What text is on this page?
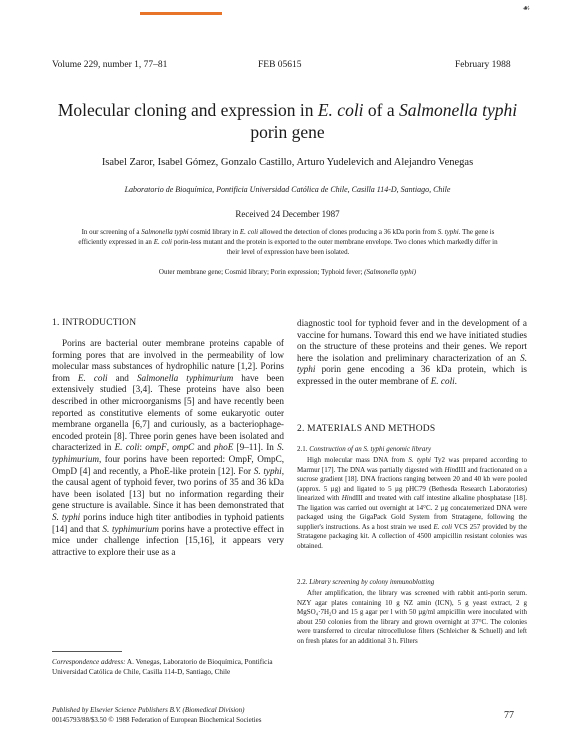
☙
Volume 229, number 1, 77–81	FEB 05615	February 1988
Molecular cloning and expression in E. coli of a Salmonella typhi
porin gene
Isabel Zaror, Isabel Gómez, Gonzalo Castillo, Arturo Yudelevich and Alejandro Venegas
Laboratorio de Bioquímica, Pontificia Universidad Católica de Chile, Casilla 114-D, Santiago, Chile
Received 24 December 1987
In our screening of a Salmonella typhi cosmid library in E. coli allowed the detection of clones producing a 36 kDa porin from S. typhi. The gene is efficiently expressed in an E. coli porin-less mutant and the protein is exported to the outer membrane envelope. Two clones which markedly differ in their level of expression have been isolated.
Outer membrane gene; Cosmid library; Porin expression; Typhoid fever; (Salmonella typhi)
1. INTRODUCTION

Porins are bacterial outer membrane proteins capable of forming pores that are involved in the permeability of low molecular mass substances of hydrophilic nature [1,2]. Porins from E. coli and Salmonella typhimurium have been extensively studied [3,4]. These proteins have also been described in other microorganisms [5] and have recently been reported as constitutive elements of some eukaryotic outer membrane organella [6,7] and curiously, as a bacteriophage-encoded protein [8]. Three porin genes have been isolated and characterized in E. coli: ompF, ompC and phoE [9–11]. In S. typhimurium, four porins have been reported: OmpF, OmpC, OmpD [4] and recently, a PhoE-like protein [12]. For S. typhi, the causal agent of typhoid fever, two porins of 35 and 36 kDa have been isolated [13] but no information regarding their gene structure is available. Since it has been demonstrated that S. typhi porins induce high titer antibodies in typhoid patients [14] and that S. typhimurium porins have a protective effect in mice under challenge infection [15,16], it appears very attractive to explore their use as a

diagnostic tool for typhoid fever and in the development of a vaccine for humans. Toward this end we have initiated studies on the structure of these proteins and their genes. We report here the isolation and preliminary characterization of an S. typhi porin gene encoding a 36 kDa protein, which is expressed in the outer membrane of E. coli.
2. MATERIALS AND METHODS
2.1. Construction of an S. typhi genomic library

High molecular mass DNA from S. typhi Ty2 was prepared according to Marmur [17]. The DNA was partially digested with HindIII and fractionated on a sucrose gradient [18]. DNA fractions ranging between 20 and 40 kb were pooled (approx. 5 µg) and ligated to 5 µg pHC79 (Bethesda Research Laboratories) linearized with HindIII and treated with calf intestine alkaline phosphatase [18]. The ligation was carried out overnight at 14°C. 2 µg concatemerized DNA were packaged using the GigaPack Gold System from Stratagene, following the supplier's instructions. As a host strain we used E. coli VCS 257 provided by the Stratagene packaging kit. A collection of 4500 ampicillin resistant colonies was obtained.

2.2. Library screening by colony immunoblotting

After amplification, the library was screened with rabbit anti-porin serum. NZY agar plates containing 10 g NZ amin (ICN), 5 g yeast extract, 2 g MgSO₄·7H₂O and 15 g agar per l with 50 µg/ml ampicillin were inoculated with about 250 colonies from the library and grown overnight at 37°C. The colonies were transferred to circular nitrocellulose filters (Schleicher & Schuell) and left on fresh plates for an additional 3 h. Filters

Correspondence address: A. Venegas, Laboratorio de Bioquímica, Pontificia Universidad Católica de Chile, Casilla 114-D, Santiago, Chile
Published by Elsevier Science Publishers B.V. (Biomedical Division)
00145793/88/$3.50 © 1988 Federation of European Biochemical Societies	77
